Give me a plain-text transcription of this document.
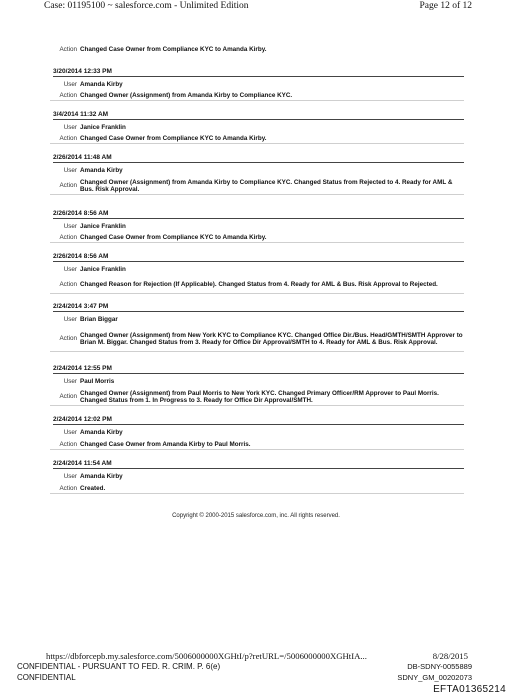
Case: 01195100 ~ salesforce.com - Unlimited Edition	Page 12 of 12
Action Changed Case Owner from Compliance KYC to Amanda Kirby.
3/20/2014 12:33 PM
User Amanda Kirby
Action Changed Owner (Assignment) from Amanda Kirby to Compliance KYC.
3/4/2014 11:32 AM
User Janice Franklin
Action Changed Case Owner from Compliance KYC to Amanda Kirby.
2/26/2014 11:48 AM
User Amanda Kirby
Action
Changed Owner (Assignment) from Amanda Kirby to Compliance KYC. Changed Status from Rejected to 4. Ready for AML & Bus. Risk Approval.
2/26/2014 8:56 AM
User Janice Franklin
Action Changed Case Owner from Compliance KYC to Amanda Kirby.
2/26/2014 8:56 AM
User Janice Franklin
Action Changed Reason for Rejection (If Applicable). Changed Status from 4. Ready for AML & Bus. Risk Approval to Rejected.
2/24/2014 3:47 PM
User Brian Biggar
Action
Changed Owner (Assignment) from New York KYC to Compliance KYC. Changed Office Dir./Bus. Head/GMTH/SMTH Approver to Brian M. Biggar. Changed Status from 3. Ready for Office Dir Approval/SMTH to 4. Ready for AML & Bus. Risk Approval.
2/24/2014 12:55 PM
User Paul Morris
Action
Changed Owner (Assignment) from Paul Morris to New York KYC. Changed Primary Officer/RM Approver to Paul Morris. Changed Status from 1. In Progress to 3. Ready for Office Dir Approval/SMTH.
2/24/2014 12:02 PM
User Amanda Kirby
Action Changed Case Owner from Amanda Kirby to Paul Morris.
2/24/2014 11:54 AM
User Amanda Kirby
Action Created.
Copyright © 2000-2015 salesforce.com, inc. All rights reserved.
https://dbforcepb.my.salesforce.com/5006000000XGHtI/p?retURL=/5006000000XGHtIA...	8/28/2015
CONFIDENTIAL - PURSUANT TO FED. R. CRIM. P. 6(e)
CONFIDENTIAL
DB-SDNY-0055889
SDNY_GM_00202073
EFTA01365214
